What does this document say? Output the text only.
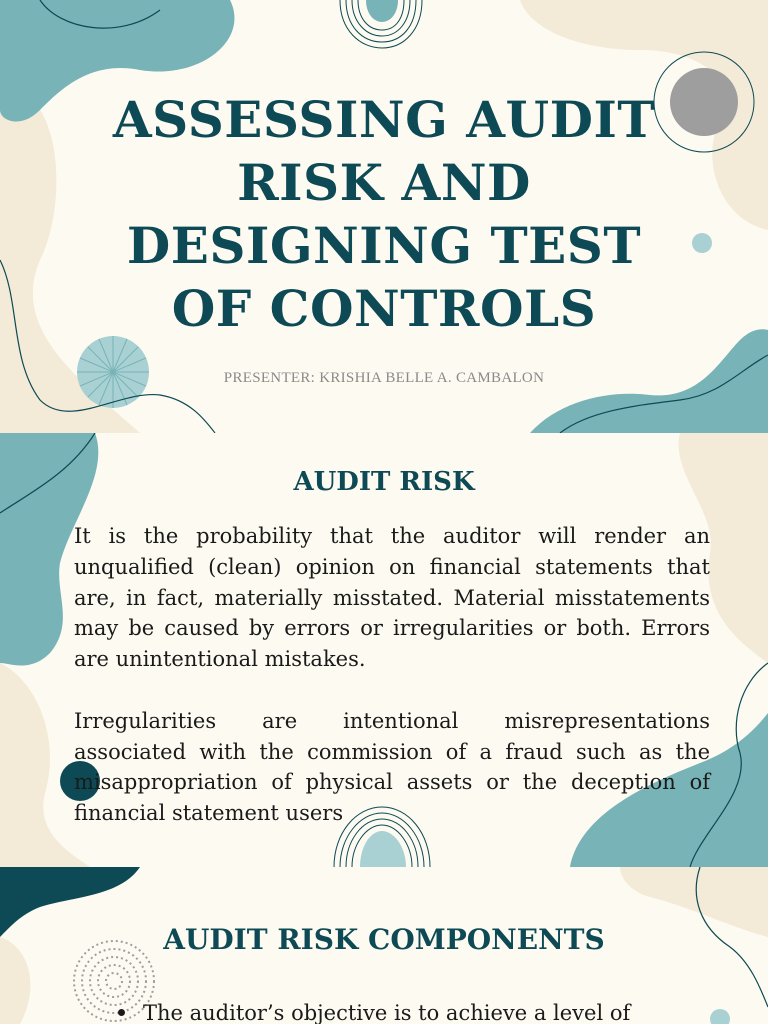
ASSESSING AUDIT
RISK AND
DESIGNING TEST
OF CONTROLS
PRESENTER: KRISHIA BELLE A. CAMBALON
AUDIT RISK

It is the probability that the auditor will render an unqualified (clean) opinion on financial statements that are, in fact, materially misstated. Material misstatements may be caused by errors or irregularities or both. Errors are unintentional mistakes.

Irregularities are intentional misrepresentations associated with the commission of a fraud such as the misappropriation of physical assets or the deception of financial statement users

AUDIT RISK COMPONENTS
The auditor’s objective is to achieve a level of
